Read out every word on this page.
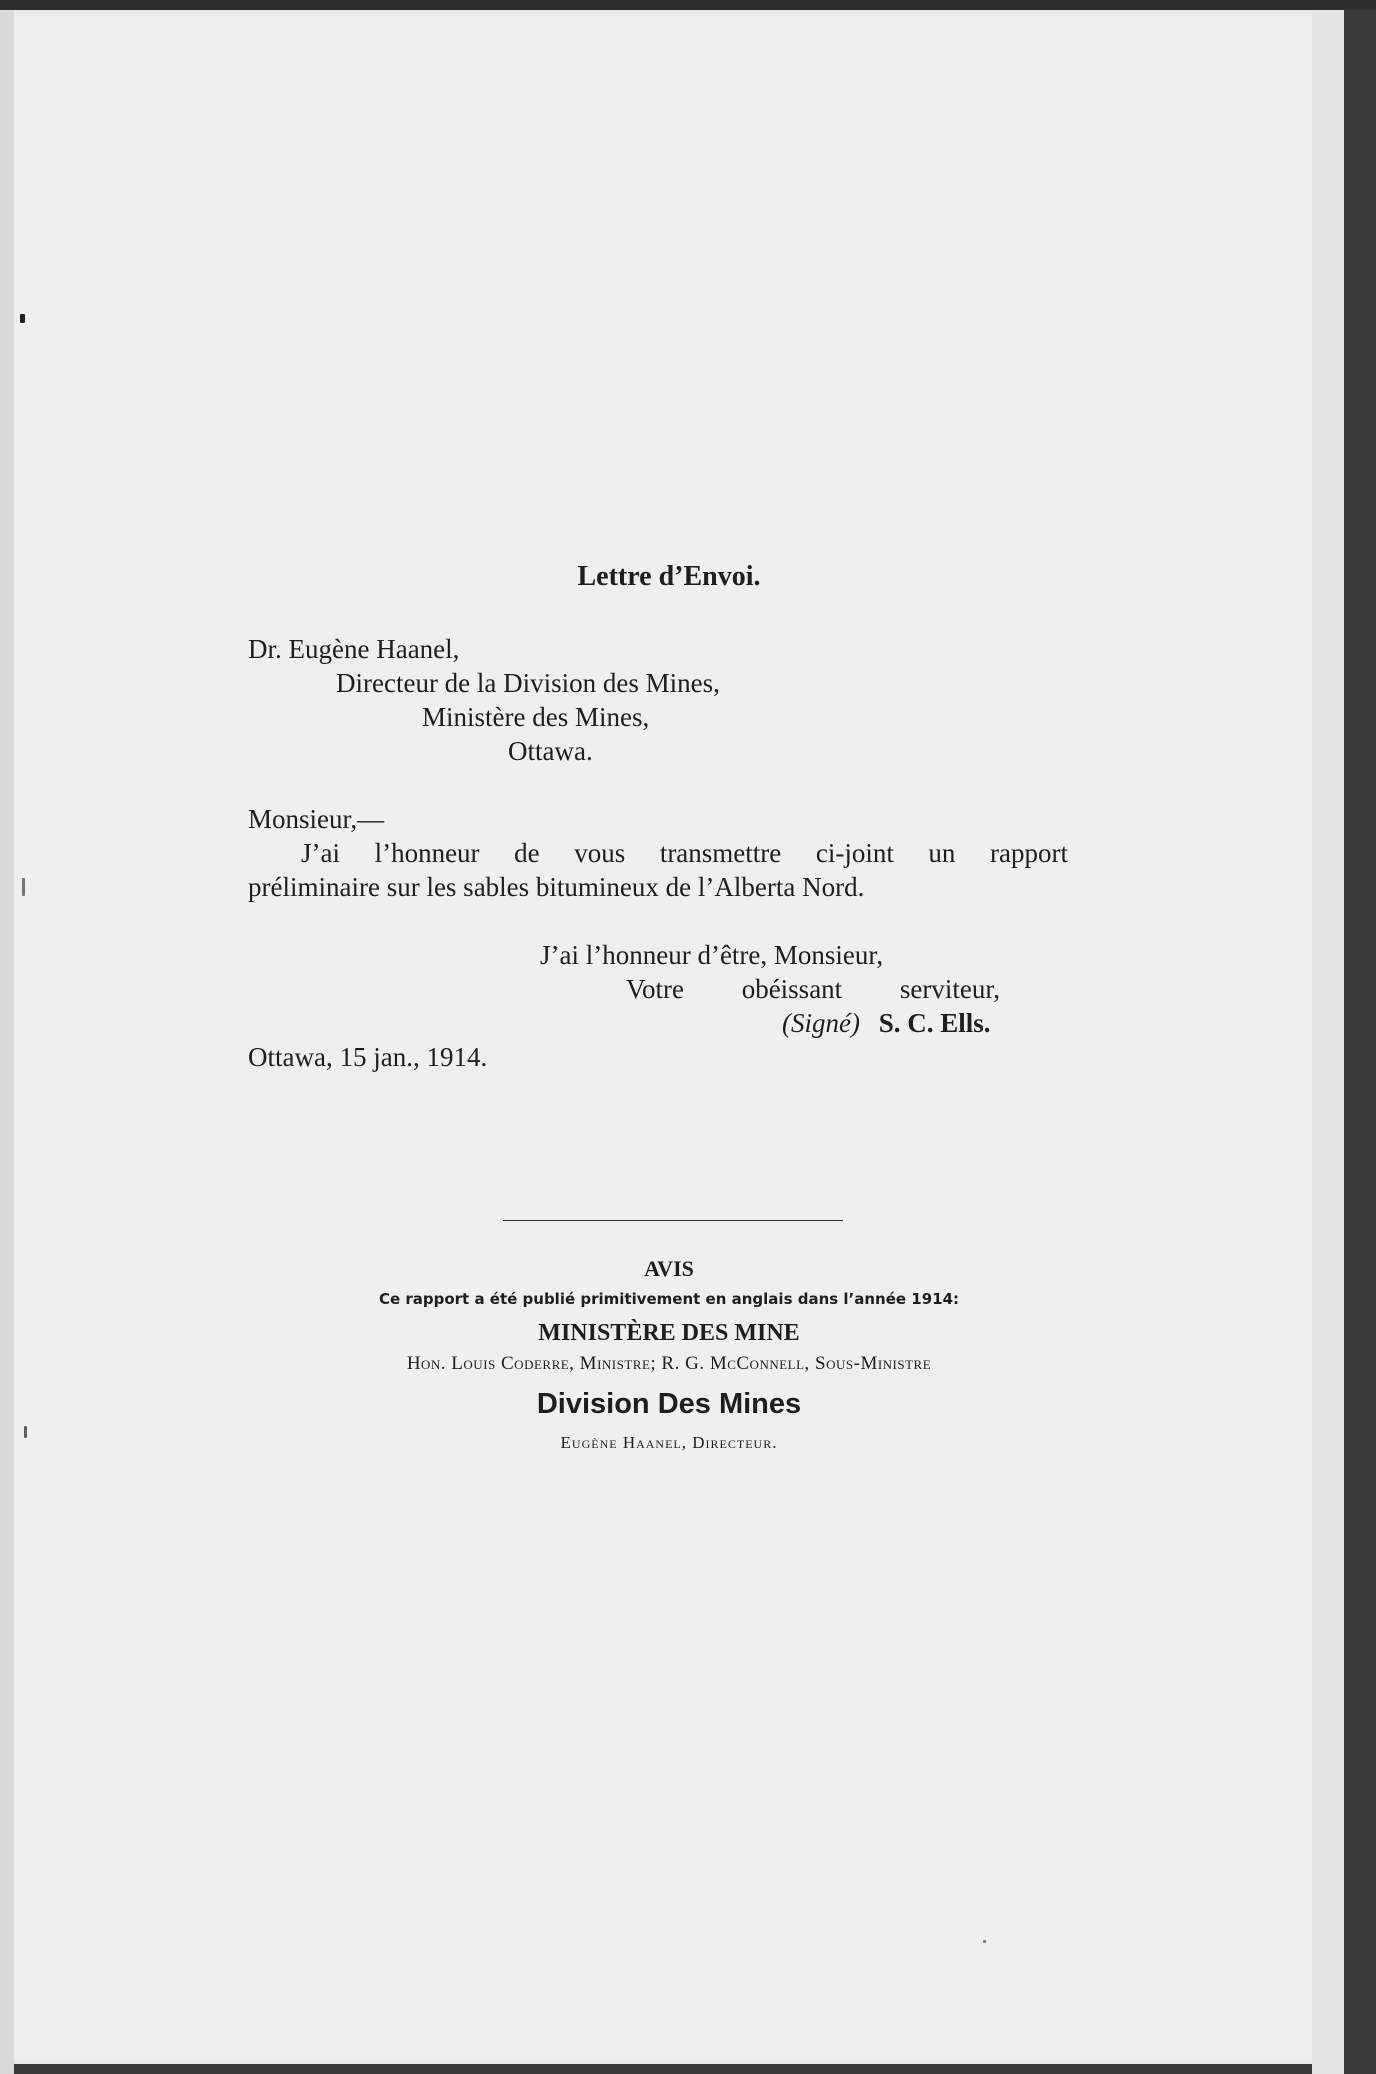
Lettre d’Envoi.
Dr. Eugène Haanel,
Directeur de la Division des Mines,
Ministère des Mines,
Ottawa.
Monsieur,—
J’ai l’honneur de vous transmettre ci-joint un rapport
préliminaire sur les sables bitumineux de l’Alberta Nord.
J’ai l’honneur d’être, Monsieur,
Votre obéissant serviteur,
(Signé) S. C. Ells.
Ottawa, 15 jan., 1914.
AVIS
Ce rapport a été publié primitivement en anglais dans l’année 1914:
MINISTÈRE DES MINE
Hon. Louis Coderre, Ministre; R. G. McConnell, Sous-Ministre
Division Des Mines
Eugène Haanel, Directeur.
